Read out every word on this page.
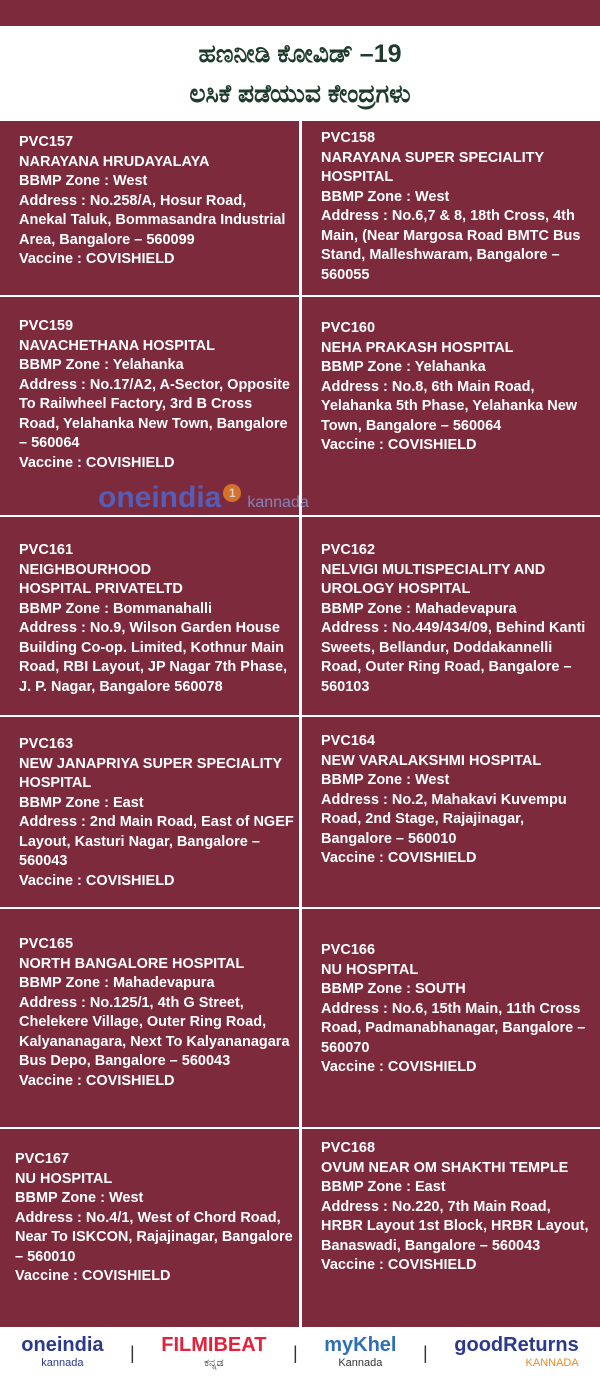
ಹಣನೀಡಿ ಕೋವಿಡ್ –19
ಲಸಿಕೆ ಪಡೆಯುವ ಕೇಂದ್ರಗಳು
PVC157
NARAYANA HRUDAYALAYA
BBMP Zone : West
Address : No.258/A, Hosur Road, Anekal Taluk, Bommasandra Industrial Area, Bangalore – 560099
Vaccine : COVISHIELD
PVC158
NARAYANA SUPER SPECIALITY HOSPITAL
BBMP Zone : West
Address : No.6,7 & 8, 18th Cross, 4th Main, (Near Margosa Road BMTC Bus Stand, Malleshwaram, Bangalore – 560055
PVC159
NAVACHETHANA HOSPITAL
BBMP Zone : Yelahanka
Address : No.17/A2, A-Sector, Opposite To Railwheel Factory, 3rd B Cross Road, Yelahanka New Town, Bangalore – 560064
Vaccine : COVISHIELD
PVC160
NEHA PRAKASH HOSPITAL
BBMP Zone : Yelahanka
Address : No.8, 6th Main Road, Yelahanka 5th Phase, Yelahanka New Town, Bangalore – 560064
Vaccine : COVISHIELD
PVC161
NEIGHBOURHOOD
HOSPITAL PRIVATELTD
BBMP Zone : Bommanahalli
Address : No.9, Wilson Garden House Building Co-op. Limited, Kothnur Main Road, RBI Layout, JP Nagar 7th Phase, J. P. Nagar, Bangalore 560078
PVC162
NELVIGI MULTISPECIALITY AND UROLOGY HOSPITAL
BBMP Zone : Mahadevapura
Address : No.449/434/09, Behind Kanti Sweets, Bellandur, Doddakannelli Road, Outer Ring Road, Bangalore – 560103
PVC163
NEW JANAPRIYA SUPER SPECIALITY HOSPITAL
BBMP Zone : East
Address : 2nd Main Road, East of NGEF Layout, Kasturi Nagar, Bangalore – 560043
Vaccine : COVISHIELD
PVC164
NEW VARALAKSHMI HOSPITAL
BBMP Zone : West
Address : No.2, Mahakavi Kuvempu Road, 2nd Stage, Rajajinagar, Bangalore – 560010
Vaccine : COVISHIELD
PVC165
NORTH BANGALORE HOSPITAL
BBMP Zone : Mahadevapura
Address : No.125/1, 4th G Street, Chelekere Village, Outer Ring Road, Kalyananagara, Next To Kalyananagara Bus Depo, Bangalore – 560043
Vaccine : COVISHIELD
PVC166
NU HOSPITAL
BBMP Zone : SOUTH
Address : No.6, 15th Main, 11th Cross Road, Padmanabhanagar, Bangalore – 560070
Vaccine : COVISHIELD
PVC167
NU HOSPITAL
BBMP Zone : West
Address : No.4/1, West of Chord Road, Near To ISKCON, Rajajinagar, Bangalore – 560010
Vaccine : COVISHIELD
PVC168
OVUM NEAR OM SHAKTHI TEMPLE
BBMP Zone : East
Address : No.220, 7th Main Road, HRBR Layout 1st Block, HRBR Layout, Banaswadi, Bangalore – 560043
Vaccine : COVISHIELD
oneindia 1kannada
oneindia
kannada	| FILMIBEAT
ಕನ್ನಡ	| myKhel
Kannada	| goodReturns
KANNADA
